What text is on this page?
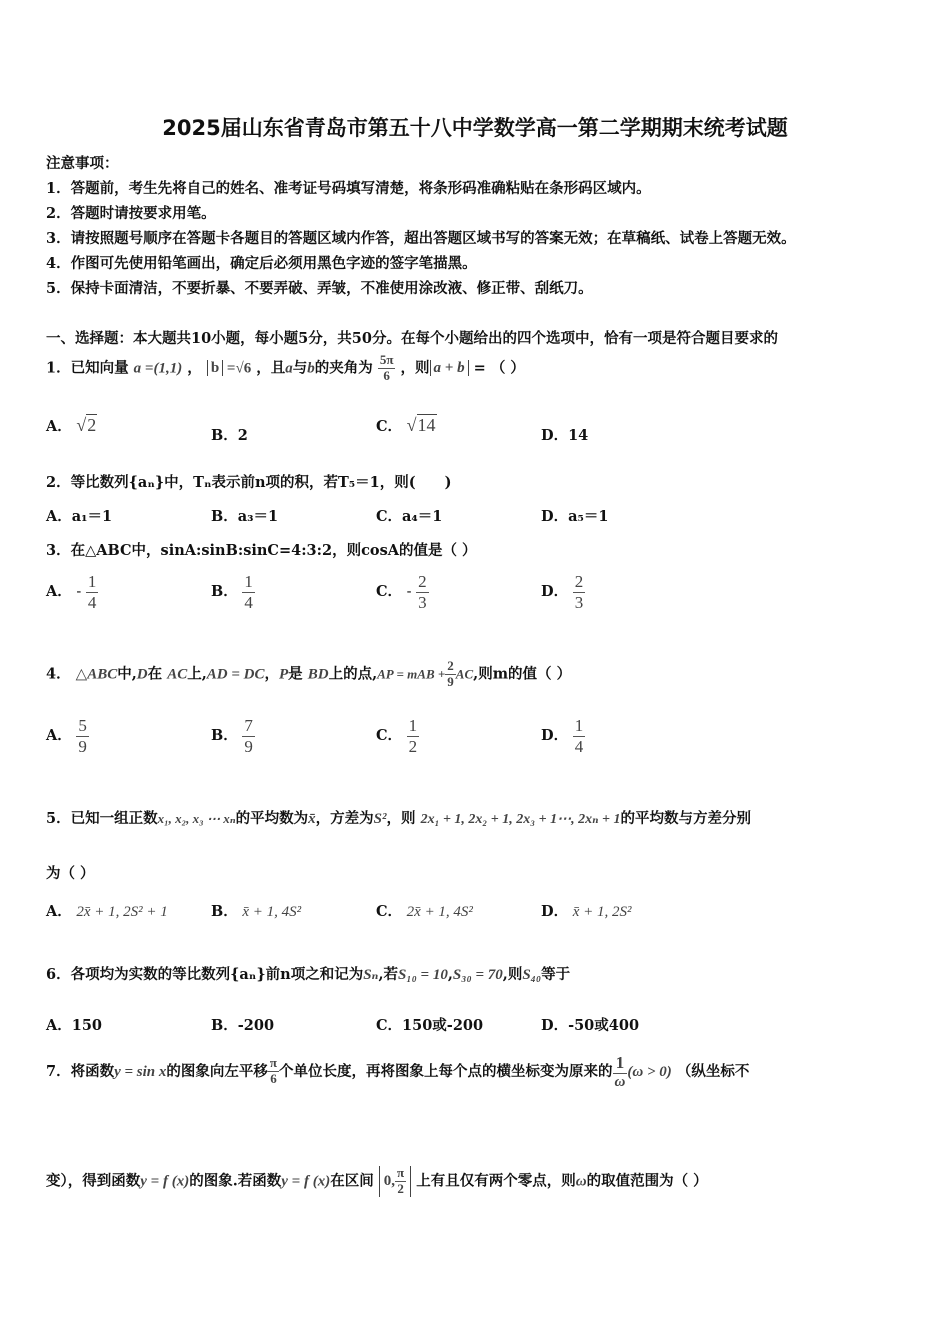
2025届山东省青岛市第五十八中学数学高一第二学期期末统考试题
注意事项：
1．答题前，考生先将自己的姓名、准考证号码填写清楚，将条形码准确粘贴在条形码区域内。
2．答题时请按要求用笔。
3．请按照题号顺序在答题卡各题目的答题区域内作答，超出答题区域书写的答案无效；在草稿纸、试卷上答题无效。
4．作图可先使用铅笔画出，确定后必须用黑色字迹的签字笔描黑。
5．保持卡面清洁，不要折暴、不要弄破、弄皱，不准使用涂改液、修正带、刮纸刀。
一、选择题：本大题共10小题，每小题5分，共50分。在每个小题给出的四个选项中，恰有一项是符合题目要求的
1．已知向量 a =(1,1) ， b =√6 ，且a与b的夹角为 $\frac{5\pi}{6}$ ，则 a + b = （ ）
A． √2
B．2
C． √14
D．14
2．等比数列{aₙ}中，Tₙ表示前n项的积，若T₅＝1，则(　　)
A．a₁＝1	B．a₃＝1	C．a₄＝1	D．a₅＝1
3．在△ABC中，sinA:sinB:sinC=4:3:2，则cosA的值是（ ）
A． - $\frac{1}{4}$	B． $\frac{1}{4}$	C． - $\frac{2}{3}$	D． $\frac{2}{3}$
4． △ABC中,D在 AC上,AD = DC，P是 BD上的点,AP = mAB + $\frac{2}{9}$ AC,则m的值（ ）
A． $\frac{5}{9}$	B． $\frac{7}{9}$	C． $\frac{1}{2}$	D． $\frac{1}{4}$
5．已知一组正数x₁, x₂, x₃ ⋯ xₙ的平均数为x̄，方差为S²，则 2x₁ + 1, 2x₂ + 1, 2x₃ + 1⋯, 2xₙ + 1的平均数与方差分别
为（ ）
A． 2x̄ + 1, 2S² + 1	B． x̄ + 1, 4S²	C． 2x̄ + 1, 4S²	D． x̄ + 1, 2S²
6．各项均为实数的等比数列{aₙ}前n项之和记为Sₙ,若S₁₀ = 10,S₃₀ = 70,则S₄₀等于
A．150	B．-200	C．150或-200	D．-50或400
7．将函数y = sin x的图象向左平移 $\frac{\pi}{6}$ 个单位长度，再将图象上每个点的横坐标变为原来的 $\frac{1}{\omega} (\omega > 0)$ （纵坐标不
变），得到函数y = f (x)的图象.若函数y = f (x)在区间 0, $\frac{\pi}{2}$ 上有且仅有两个零点，则ω的取值范围为（ ）
